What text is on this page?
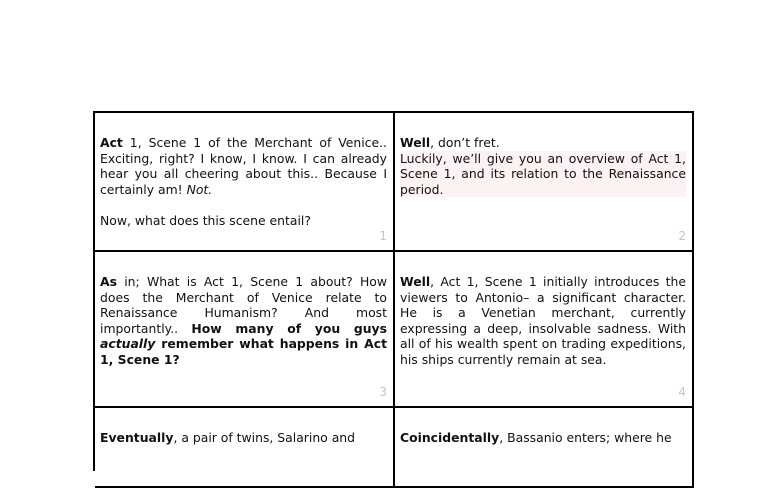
Act 1, Scene 1 of the Merchant of Venice.. Exciting, right? I know, I know. I can already hear you all cheering about this.. Because I certainly am! Not.

Now, what does this scene entail?

1

Well, don’t fret.

Luckily, we’ll give you an overview of Act 1, Scene 1, and its relation to the Renaissance period.

2

As in; What is Act 1, Scene 1 about? How does the Merchant of Venice relate to Renaissance Humanism? And most importantly.. How many of you guys actually remember what happens in Act 1, Scene 1?

3

Well, Act 1, Scene 1 initially introduces the viewers to Antonio– a significant character. He is a Venetian merchant, currently expressing a deep, insolvable sadness. With all of his wealth spent on trading expeditions, his ships currently remain at sea.

4

Eventually, a pair of twins, Salarino and	Coincidentally, Bassanio enters; where he
